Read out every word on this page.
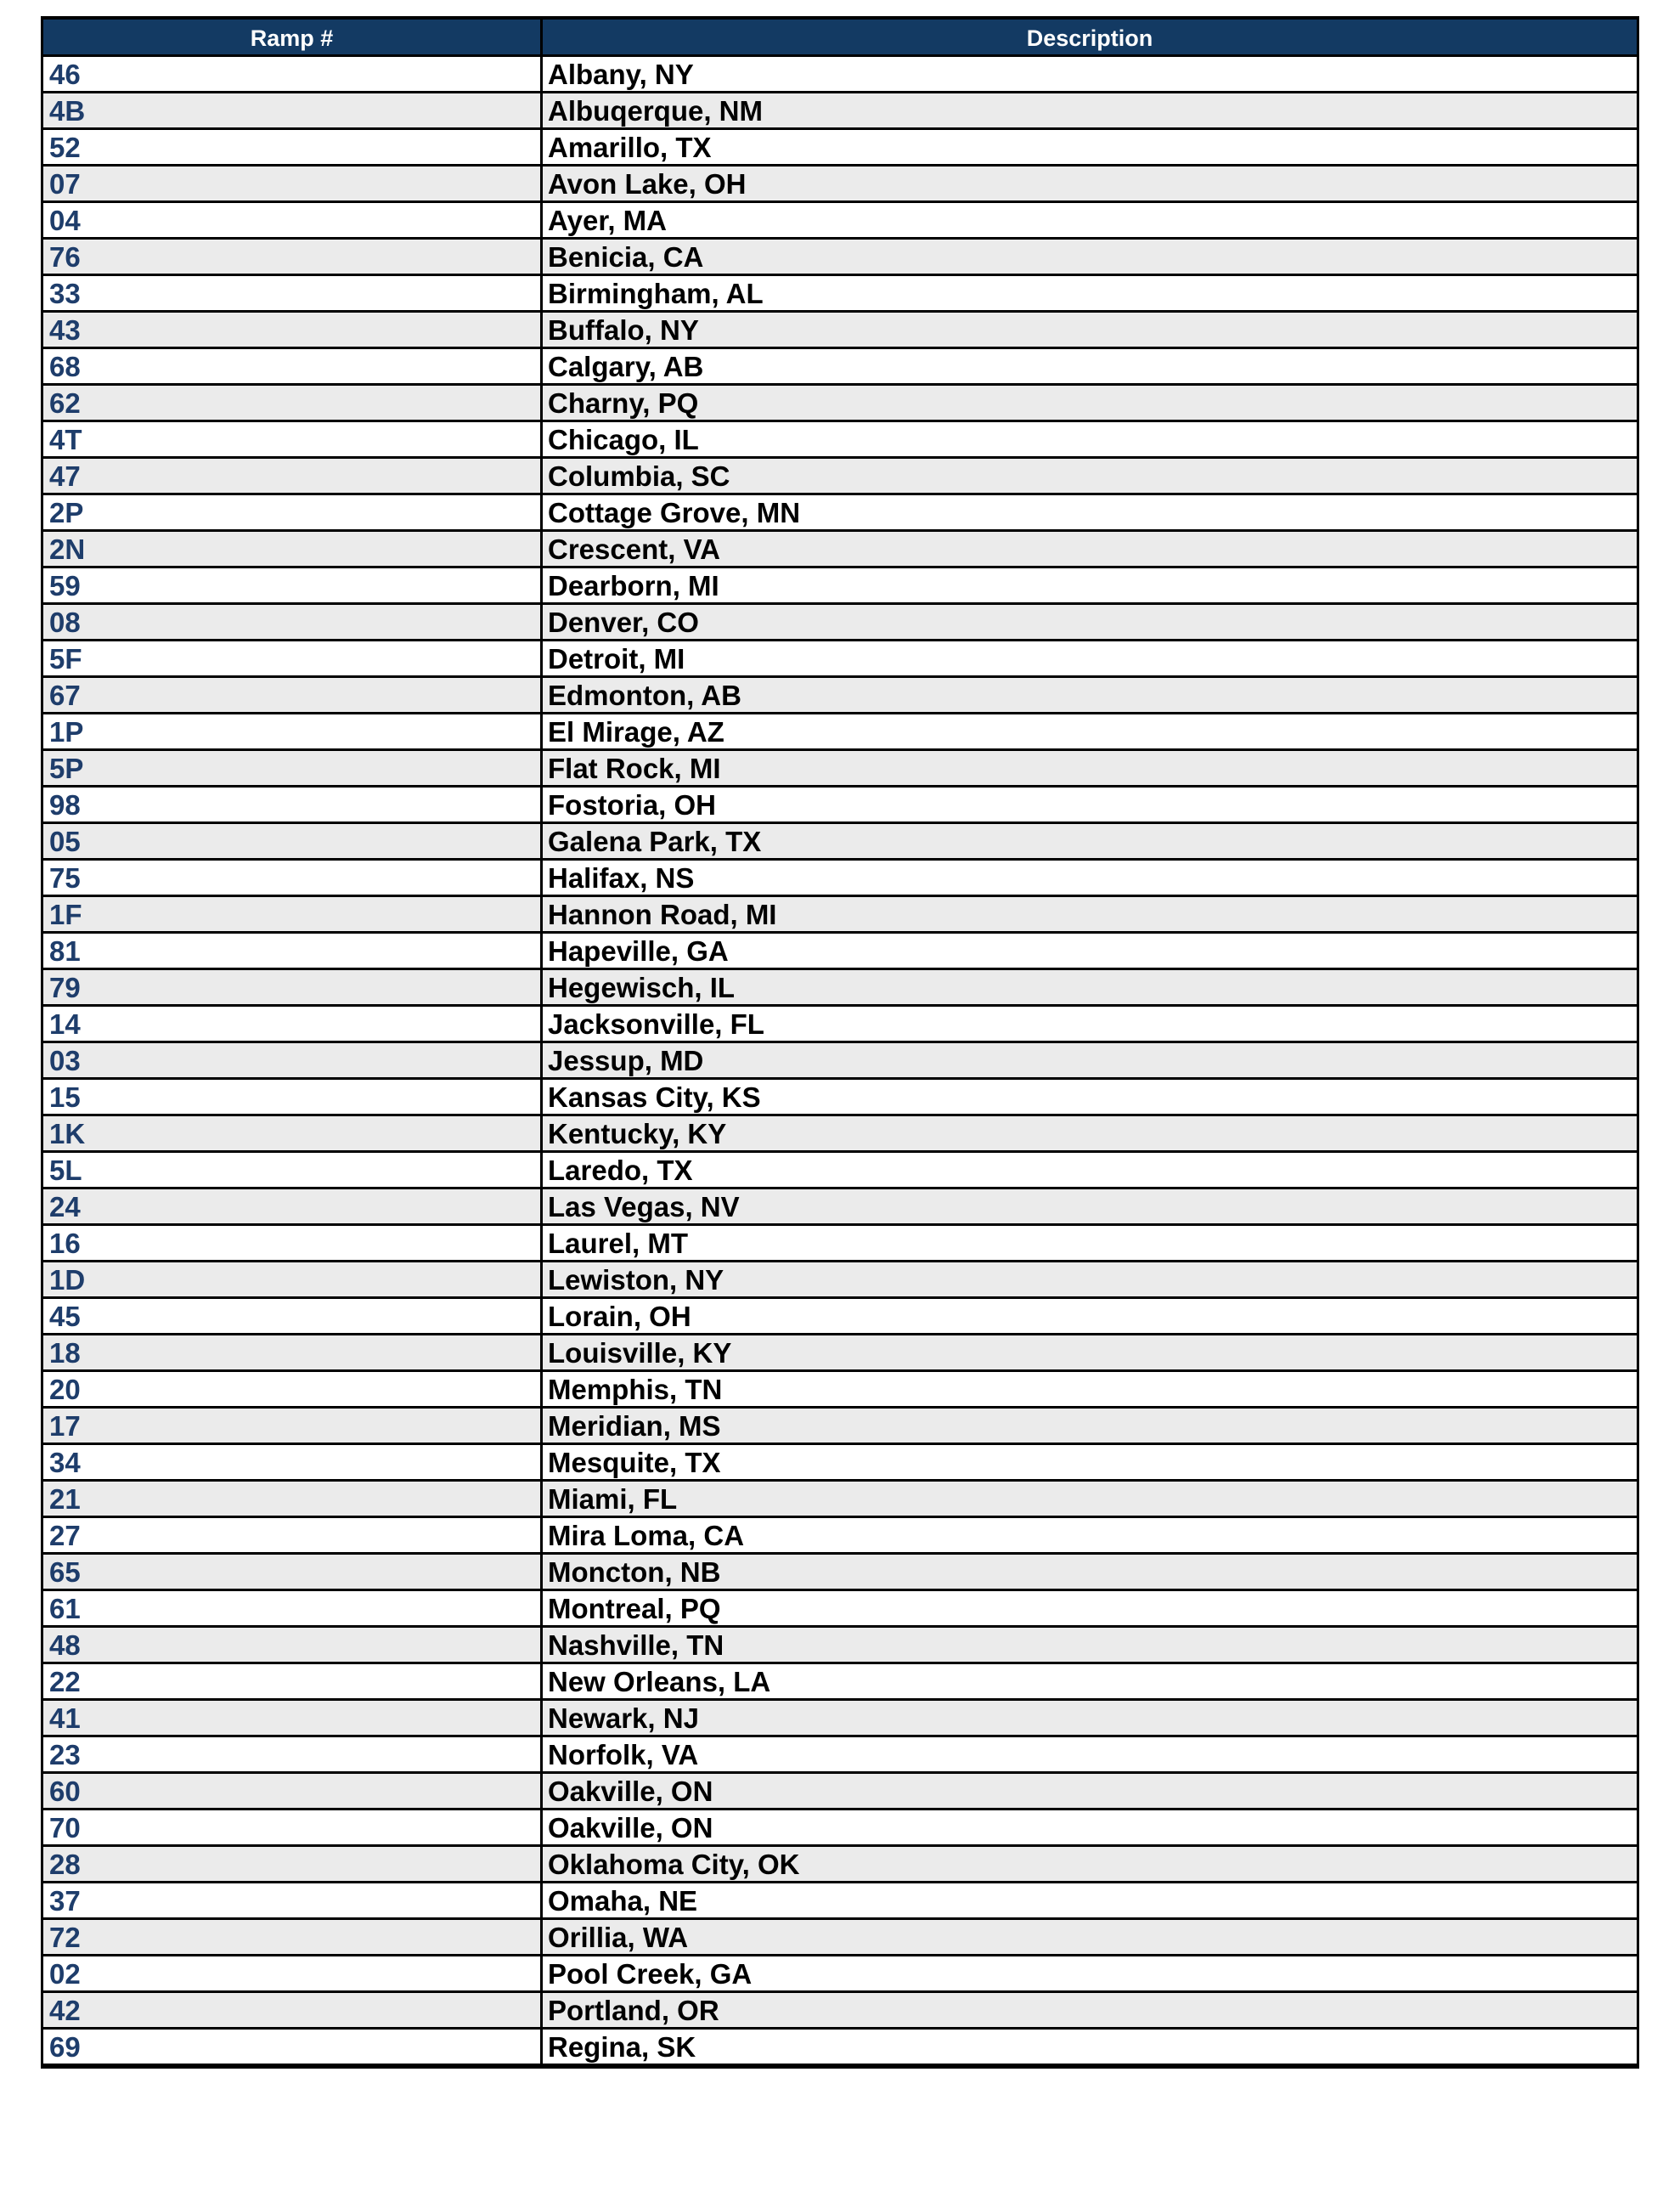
Ramp #	Description
46	Albany, NY
4B	Albuqerque, NM
52	Amarillo, TX
07	Avon Lake, OH
04	Ayer, MA
76	Benicia, CA
33	Birmingham, AL
43	Buffalo, NY
68	Calgary, AB
62	Charny, PQ
4T	Chicago, IL
47	Columbia, SC
2P	Cottage Grove, MN
2N	Crescent, VA
59	Dearborn, MI
08	Denver, CO
5F	Detroit, MI
67	Edmonton, AB
1P	El Mirage, AZ
5P	Flat Rock, MI
98	Fostoria, OH
05	Galena Park, TX
75	Halifax, NS
1F	Hannon Road, MI
81	Hapeville, GA
79	Hegewisch, IL
14	Jacksonville, FL
03	Jessup, MD
15	Kansas City, KS
1K	Kentucky, KY
5L	Laredo, TX
24	Las Vegas, NV
16	Laurel, MT
1D	Lewiston, NY
45	Lorain, OH
18	Louisville, KY
20	Memphis, TN
17	Meridian, MS
34	Mesquite, TX
21	Miami, FL
27	Mira Loma, CA
65	Moncton, NB
61	Montreal, PQ
48	Nashville, TN
22	New Orleans, LA
41	Newark, NJ
23	Norfolk, VA
60	Oakville, ON
70	Oakville, ON
28	Oklahoma City, OK
37	Omaha, NE
72	Orillia, WA
02	Pool Creek, GA
42	Portland, OR
69	Regina, SK
